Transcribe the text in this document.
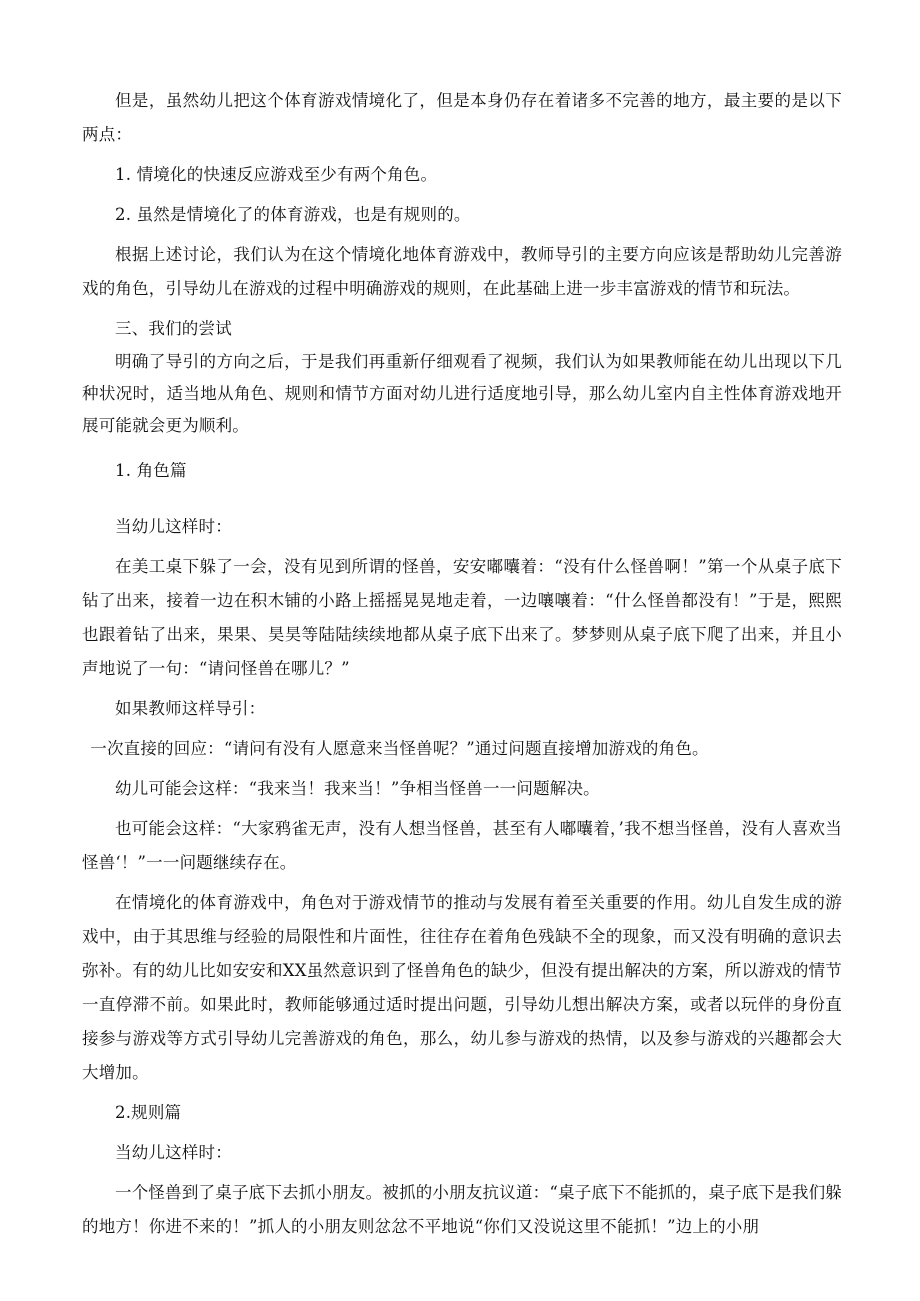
但是，虽然幼儿把这个体育游戏情境化了，但是本身仍存在着诸多不完善的地方，最主要的是以下两点：

1. 情境化的快速反应游戏至少有两个角色。

2. 虽然是情境化了的体育游戏，也是有规则的。

根据上述讨论，我们认为在这个情境化地体育游戏中，教师导引的主要方向应该是帮助幼儿完善游戏的角色，引导幼儿在游戏的过程中明确游戏的规则，在此基础上进一步丰富游戏的情节和玩法。

三、我们的尝试

明确了导引的方向之后，于是我们再重新仔细观看了视频，我们认为如果教师能在幼儿出现以下几种状况时，适当地从角色、规则和情节方面对幼儿进行适度地引导，那么幼儿室内自主性体育游戏地开展可能就会更为顺利。

1. 角色篇

当幼儿这样时：

在美工桌下躲了一会，没有见到所谓的怪兽，安安嘟囔着：“没有什么怪兽啊！”第一个从桌子底下钻了出来，接着一边在积木铺的小路上摇摇晃晃地走着，一边嚷嚷着：“什么怪兽都没有！”于是，熙熙也跟着钻了出来，果果、昊昊等陆陆续续地都从桌子底下出来了。梦梦则从桌子底下爬了出来，并且小声地说了一句：“请问怪兽在哪儿？”

如果教师这样导引：

一次直接的回应：“请问有没有人愿意来当怪兽呢？”通过问题直接增加游戏的角色。

幼儿可能会这样：“我来当！我来当！”争相当怪兽一一问题解决。

也可能会这样：“大家鸦雀无声，没有人想当怪兽，甚至有人嘟囔着，’我不想当怪兽，没有人喜欢当怪兽‘！”一一问题继续存在。

在情境化的体育游戏中，角色对于游戏情节的推动与发展有着至关重要的作用。幼儿自发生成的游戏中，由于其思维与经验的局限性和片面性，往往存在着角色残缺不全的现象，而又没有明确的意识去弥补。有的幼儿比如安安和XX虽然意识到了怪兽角色的缺少，但没有提出解决的方案，所以游戏的情节一直停滞不前。如果此时，教师能够通过适时提出问题，引导幼儿想出解决方案，或者以玩伴的身份直接参与游戏等方式引导幼儿完善游戏的角色，那么，幼儿参与游戏的热情，以及参与游戏的兴趣都会大大增加。

2.规则篇

当幼儿这样时：

一个怪兽到了桌子底下去抓小朋友。被抓的小朋友抗议道：“桌子底下不能抓的，桌子底下是我们躲的地方！你进不来的！”抓人的小朋友则忿忿不平地说“你们又没说这里不能抓！”边上的小朋
